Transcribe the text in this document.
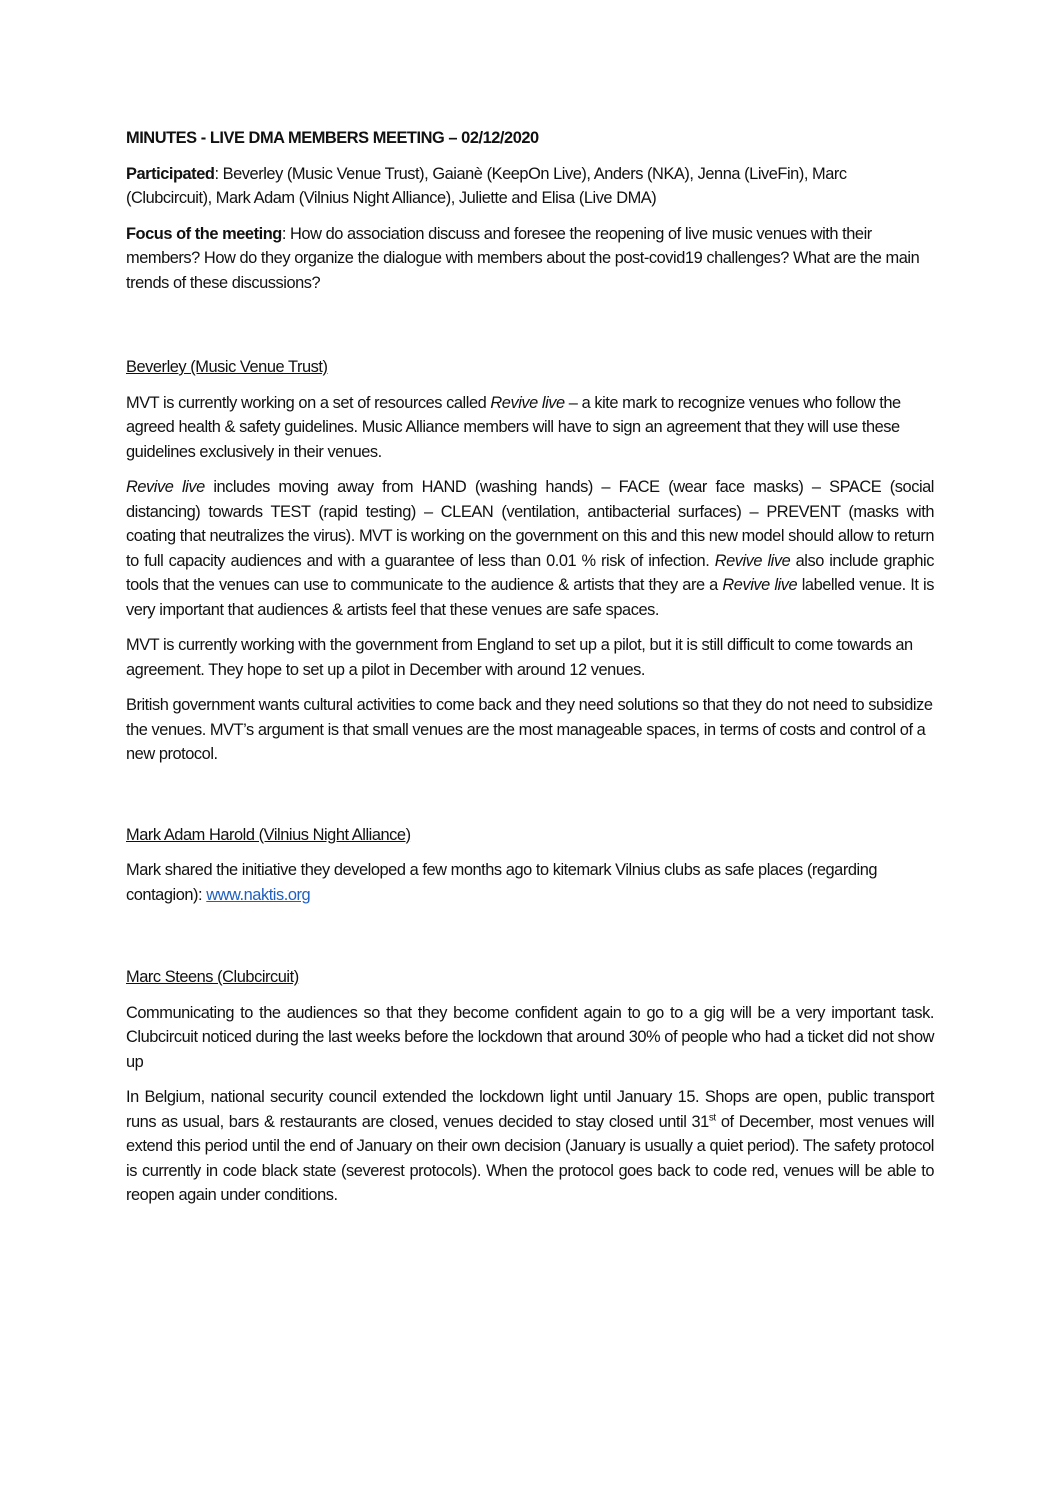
MINUTES - LIVE DMA MEMBERS MEETING – 02/12/2020

Participated: Beverley (Music Venue Trust), Gaianè (KeepOn Live), Anders (NKA), Jenna (LiveFin), Marc (Clubcircuit), Mark Adam (Vilnius Night Alliance), Juliette and Elisa (Live DMA)

Focus of the meeting: How do association discuss and foresee the reopening of live music venues with their members? How do they organize the dialogue with members about the post-covid19 challenges? What are the main trends of these discussions?

Beverley (Music Venue Trust)

MVT is currently working on a set of resources called Revive live – a kite mark to recognize venues who follow the agreed health & safety guidelines. Music Alliance members will have to sign an agreement that they will use these guidelines exclusively in their venues.

Revive live includes moving away from HAND (washing hands) – FACE (wear face masks) – SPACE (social distancing) towards TEST (rapid testing) – CLEAN (ventilation, antibacterial surfaces) – PREVENT (masks with coating that neutralizes the virus). MVT is working on the government on this and this new model should allow to return to full capacity audiences and with a guarantee of less than 0.01 % risk of infection. Revive live also include graphic tools that the venues can use to communicate to the audience & artists that they are a Revive live labelled venue. It is very important that audiences & artists feel that these venues are safe spaces.

MVT is currently working with the government from England to set up a pilot, but it is still difficult to come towards an agreement. They hope to set up a pilot in December with around 12 venues.

British government wants cultural activities to come back and they need solutions so that they do not need to subsidize the venues. MVT’s argument is that small venues are the most manageable spaces, in terms of costs and control of a new protocol.

Mark Adam Harold (Vilnius Night Alliance)

Mark shared the initiative they developed a few months ago to kitemark Vilnius clubs as safe places (regarding contagion): www.naktis.org

Marc Steens (Clubcircuit)

Communicating to the audiences so that they become confident again to go to a gig will be a very important task. Clubcircuit noticed during the last weeks before the lockdown that around 30% of people who had a ticket did not show up

In Belgium, national security council extended the lockdown light until January 15. Shops are open, public transport runs as usual, bars & restaurants are closed, venues decided to stay closed until 31st of December, most venues will extend this period until the end of January on their own decision (January is usually a quiet period). The safety protocol is currently in code black state (severest protocols). When the protocol goes back to code red, venues will be able to reopen again under conditions.
